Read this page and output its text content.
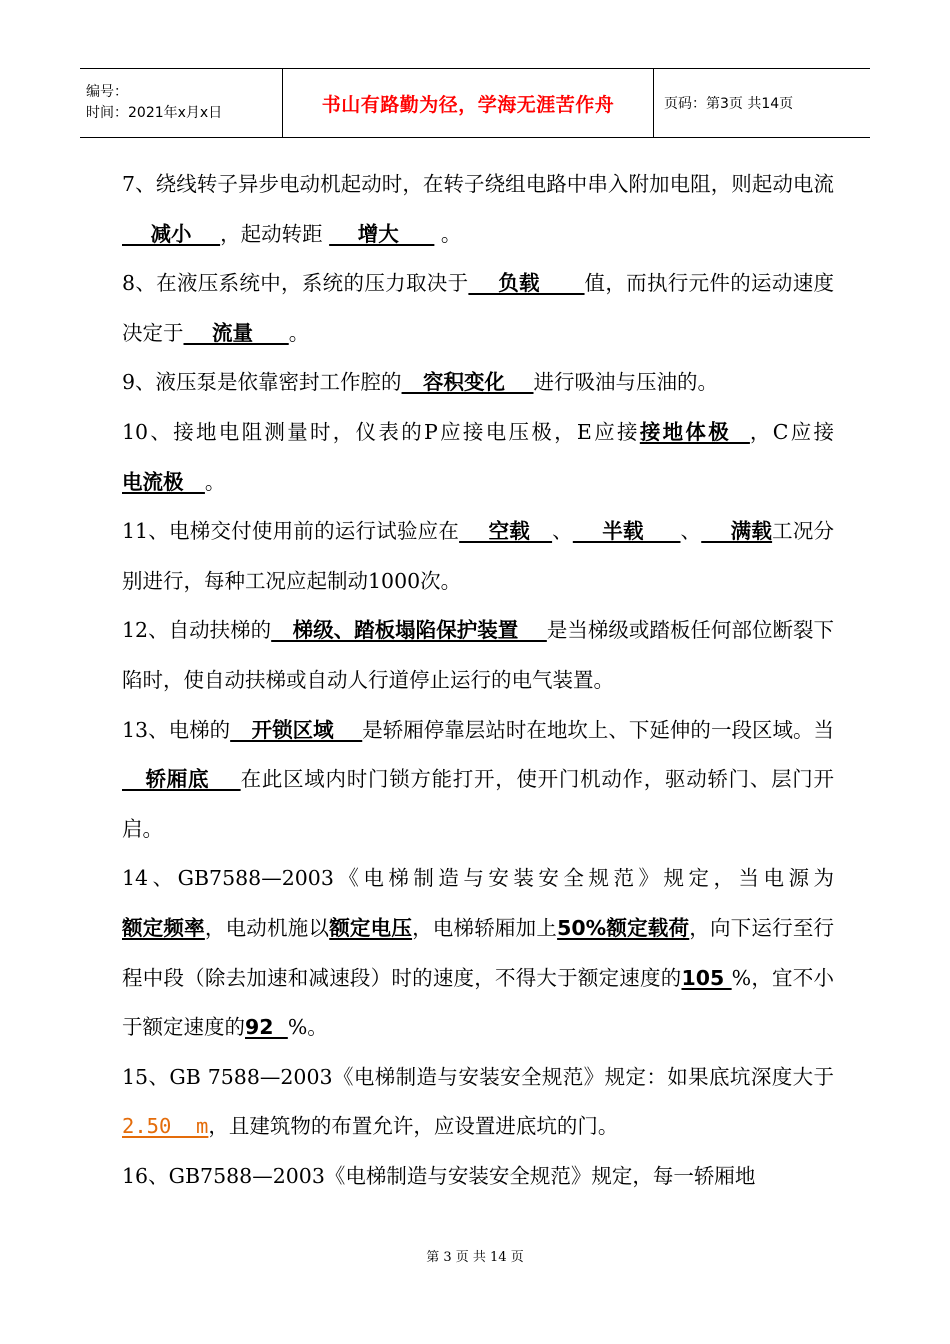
编号：
时间：2021年x月x日	书山有路勤为径，学海无涯苦作舟	页码：第3页 共14页

7、绕线转子异步电动机起动时，在转子绕组电路中串入附加电阻，则起动电流    减小    ，起动转距     增大      。

8、在液压系统中，系统的压力取决于    负载      值，而执行元件的运动速度决定于    流量     。

9、液压泵是依靠密封工作腔的   容积变化    进行吸油与压油的。

10、接地电阻测量时，仪表的P应接电压极，E应接接地体极  ，C应接电流极   。

11、电梯交付使用前的运行试验应在    空载   、    半载     、    满载工况分别进行，每种工况应起制动1000次。

12、自动扶梯的   梯级、踏板塌陷保护装置    是当梯级或踏板任何部位断裂下陷时，使自动扶梯或自动人行道停止运行的电气装置。

13、电梯的   开锁区域    是轿厢停靠层站时在地坎上、下延伸的一段区域。当   轿厢底    在此区域内时门锁方能打开，使开门机动作，驱动轿门、层门开启。

14、GB7588—2003《电梯制造与安装安全规范》规定，当电源为额定频率，电动机施以额定电压，电梯轿厢加上50%额定载荷，向下运行至行程中段（除去加速和减速段）时的速度，不得大于额定速度的105 %，宜不小于额定速度的92  %。

15、GB 7588—2003《电梯制造与安装安全规范》规定：如果底坑深度大于2.50  m，且建筑物的布置允许，应设置进底坑的门。

16、GB7588—2003《电梯制造与安装安全规范》规定，每一轿厢地

第 3 页 共 14 页
